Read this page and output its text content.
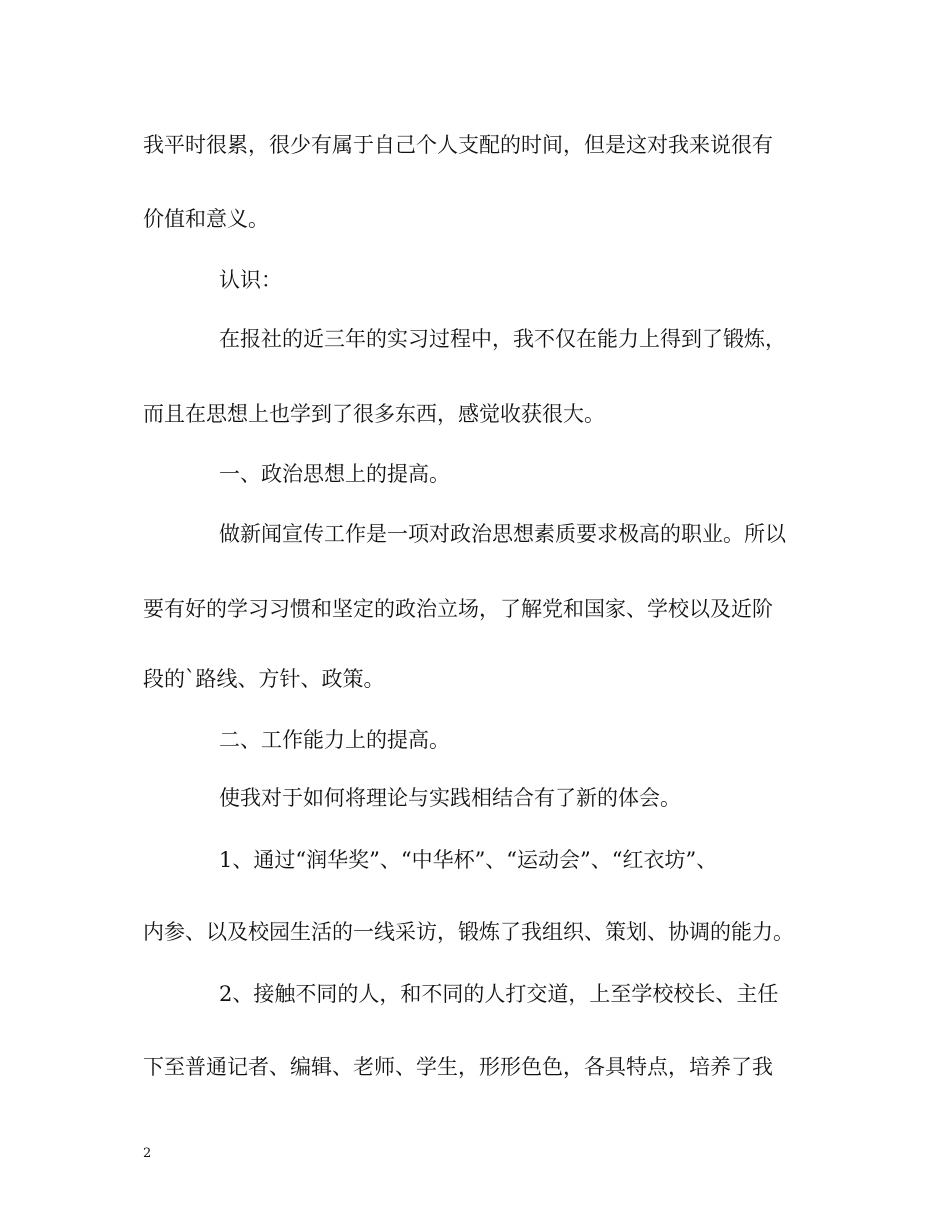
我平时很累，很少有属于自己个人支配的时间，但是这对我来说很有
价值和意义。
认识：
在报社的近三年的实习过程中，我不仅在能力上得到了锻炼，
而且在思想上也学到了很多东西，感觉收获很大。
一、政治思想上的提高。
做新闻宣传工作是一项对政治思想素质要求极高的职业。所以
要有好的学习习惯和坚定的政治立场，了解党和国家、学校以及近阶
段的`路线、方针、政策。
二、工作能力上的提高。
使我对于如何将理论与实践相结合有了新的体会。
1、通过“润华奖”、“中华杯”、“运动会”、“红衣坊”、
内参、以及校园生活的一线采访，锻炼了我组织、策划、协调的能力。
2、接触不同的人，和不同的人打交道，上至学校校长、主任
下至普通记者、编辑、老师、学生，形形色色，各具特点，培养了我
2
